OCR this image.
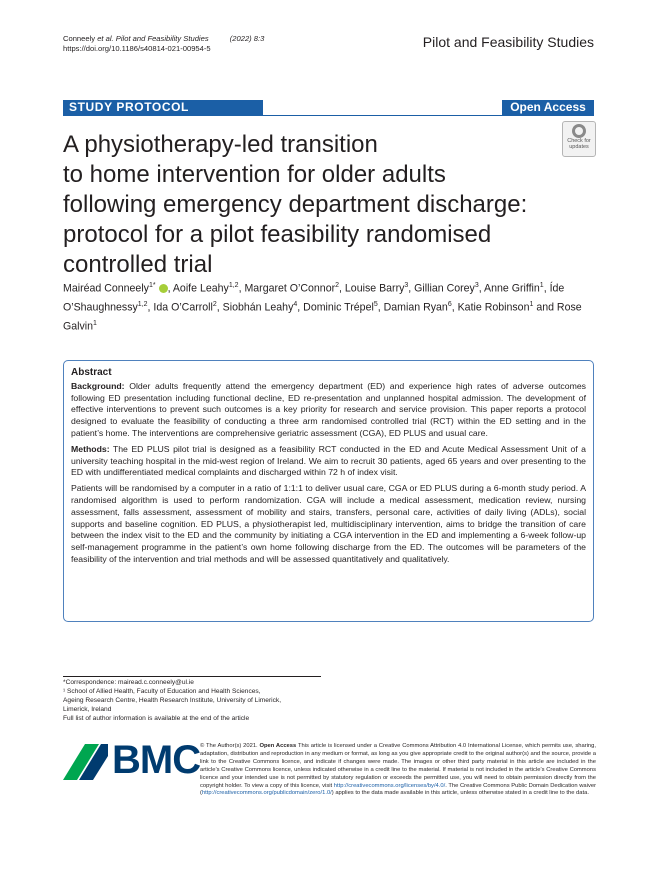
Conneely et al. Pilot and Feasibility Studies	(2022) 8:3
https://doi.org/10.1186/s40814-021-00954-5	Pilot and Feasibility Studies
STUDY PROTOCOL	Open Access
A physiotherapy-led transition
to home intervention for older adults
following emergency department discharge:
protocol for a pilot feasibility randomised
controlled trial
Check for
updates
Mairéad Conneely$^{1*}$ , Aoife Leahy$^{1,2}$, Margaret O’Connor$^2$, Louise Barry$^3$, Gillian Corey$^3$, Anne Griffin$^1$, Íde O’Shaughnessy$^{1,2}$, Ida O’Carroll$^2$, Siobhán Leahy$^4$, Dominic Trépel$^5$, Damian Ryan$^6$, Katie Robinson$^1$ and Rose Galvin$^1$
Abstract

Background: Older adults frequently attend the emergency department (ED) and experience high rates of adverse outcomes following ED presentation including functional decline, ED re-presentation and unplanned hospital admission. The development of effective interventions to prevent such outcomes is a key priority for research and service provision. This paper reports a protocol designed to evaluate the feasibility of conducting a three arm randomised controlled trial (RCT) within the ED setting and in the patient’s home. The interventions are comprehensive geriatric assessment (CGA), ED PLUS and usual care.

Methods: The ED PLUS pilot trial is designed as a feasibility RCT conducted in the ED and Acute Medical Assessment Unit of a university teaching hospital in the mid-west region of Ireland. We aim to recruit 30 patients, aged 65 years and over presenting to the ED with undifferentiated medical complaints and discharged within 72 h of index visit.

Patients will be randomised by a computer in a ratio of 1:1:1 to deliver usual care, CGA or ED PLUS during a 6-month study period. A randomised algorithm is used to perform randomization. CGA will include a medical assessment, medication review, nursing assessment, falls assessment, assessment of mobility and stairs, transfers, personal care, activities of daily living (ADLs), social supports and baseline cognition. ED PLUS, a physiotherapist led, multidisciplinary intervention, aims to bridge the transition of care between the index visit to the ED and the community by initiating a CGA intervention in the ED and implementing a 6-week follow-up self-management programme in the patient’s own home following discharge from the ED. The outcomes will be parameters of the feasibility of the intervention and trial methods and will be assessed quantitatively and qualitatively.

*Correspondence: mairead.c.conneely@ul.ie

¹ School of Allied Health, Faculty of Education and Health Sciences,

Ageing Research Centre, Health Research Institute, University of Limerick,

Limerick, Ireland

Full list of author information is available at the end of the article

BMC © The Author(s) 2021. Open Access This article is licensed under a Creative Commons Attribution 4.0 International License, which permits use, sharing, adaptation, distribution and reproduction in any medium or format, as long as you give appropriate credit to the original author(s) and the source, provide a link to the Creative Commons licence, and indicate if changes were made. The images or other third party material in this article are included in the article’s Creative Commons licence, unless indicated otherwise in a credit line to the material. If material is not included in the article’s Creative Commons licence and your intended use is not permitted by statutory regulation or exceeds the permitted use, you will need to obtain permission directly from the copyright holder. To view a copy of this licence, visit http://creativecommons.org/licenses/by/4.0/. The Creative Commons Public Domain Dedication waiver (http://creativecommons.org/publicdomain/zero/1.0/) applies to the data made available in this article, unless otherwise stated in a credit line to the data.
